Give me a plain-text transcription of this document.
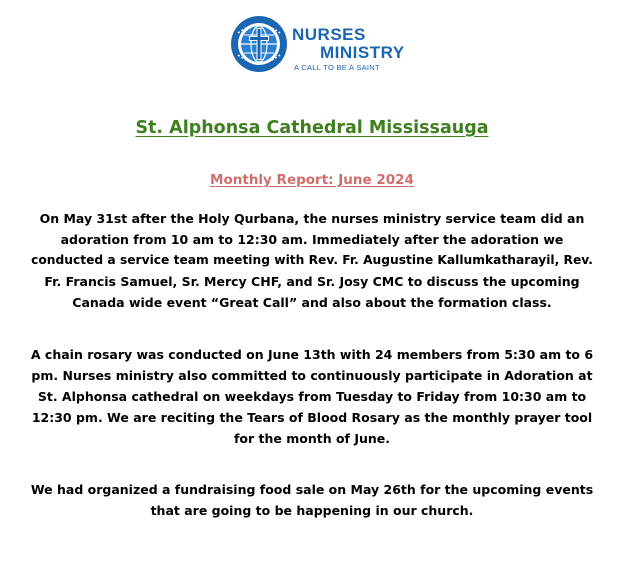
NURSES
MINISTRY
A CALL TO BE A SAINT
St. Alphonsa Cathedral Mississauga
Monthly Report: June 2024
On May 31st after the Holy Qurbana, the nurses ministry service team did an
adoration from 10 am to 12:30 am. Immediately after the adoration we
conducted a service team meeting with Rev. Fr. Augustine Kallumkatharayil, Rev.
Fr. Francis Samuel, Sr. Mercy CHF, and Sr. Josy CMC to discuss the upcoming
Canada wide event “Great Call” and also about the formation class.
A chain rosary was conducted on June 13th with 24 members from 5:30 am to 6
pm. Nurses ministry also committed to continuously participate in Adoration at
St. Alphonsa cathedral on weekdays from Tuesday to Friday from 10:30 am to
12:30 pm. We are reciting the Tears of Blood Rosary as the monthly prayer tool
for the month of June.
We had organized a fundraising food sale on May 26th for the upcoming events
that are going to be happening in our church.
